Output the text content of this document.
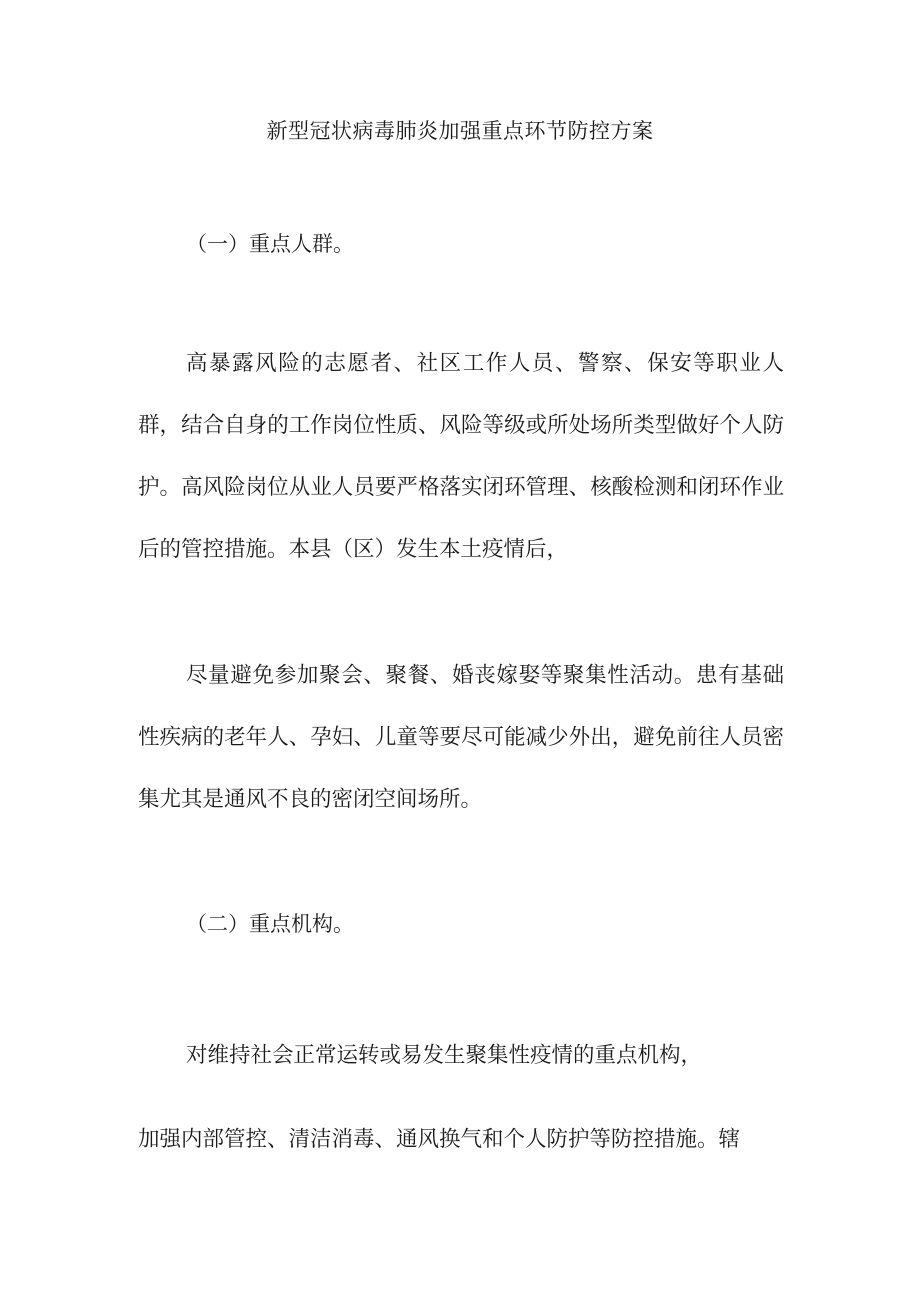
新型冠状病毒肺炎加强重点环节防控方案
（一）重点人群。

高暴露风险的志愿者、社区工作人员、警察、保安等职业人群，结合自身的工作岗位性质、风险等级或所处场所类型做好个人防护。高风险岗位从业人员要严格落实闭环管理、核酸检测和闭环作业后的管控措施。本县（区）发生本土疫情后，

尽量避免参加聚会、聚餐、婚丧嫁娶等聚集性活动。患有基础性疾病的老年人、孕妇、儿童等要尽可能减少外出，避免前往人员密集尤其是通风不良的密闭空间场所。

（二）重点机构。
对维持社会正常运转或易发生聚集性疫情的重点机构，
加强内部管控、清洁消毒、通风换气和个人防护等防控措施。辖
